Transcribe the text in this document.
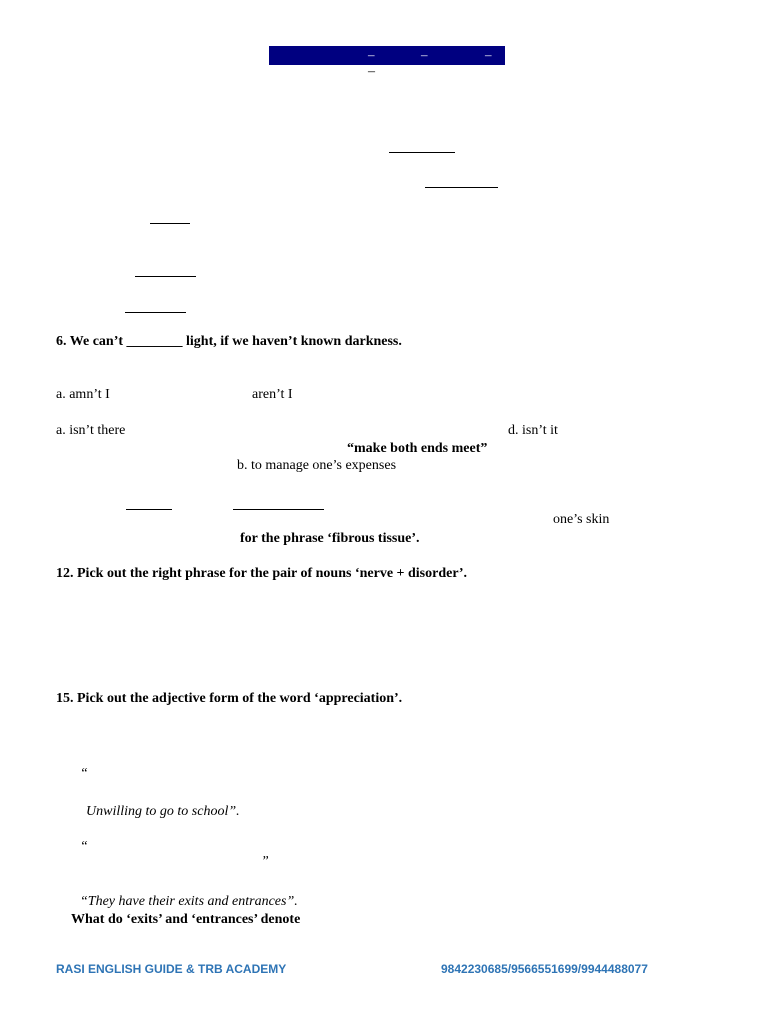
–	–	–
–
6. We can’t ________ light, if we haven’t known darkness.
a. amn’t I	aren’t I
a. isn’t there	d. isn’t it
“make both ends meet”
b. to manage one’s expenses
one’s skin
for the phrase ‘fibrous tissue’.
12. Pick out the right phrase for the pair of nouns ‘nerve + disorder’.
15. Pick out the adjective form of the word ‘appreciation’.
“
Unwilling to go to school”.
“
”
“They have their exits and entrances”.
What do ‘exits’ and ‘entrances’ denote
RASI ENGLISH GUIDE & TRB ACADEMY	9842230685/9566551699/9944488077
